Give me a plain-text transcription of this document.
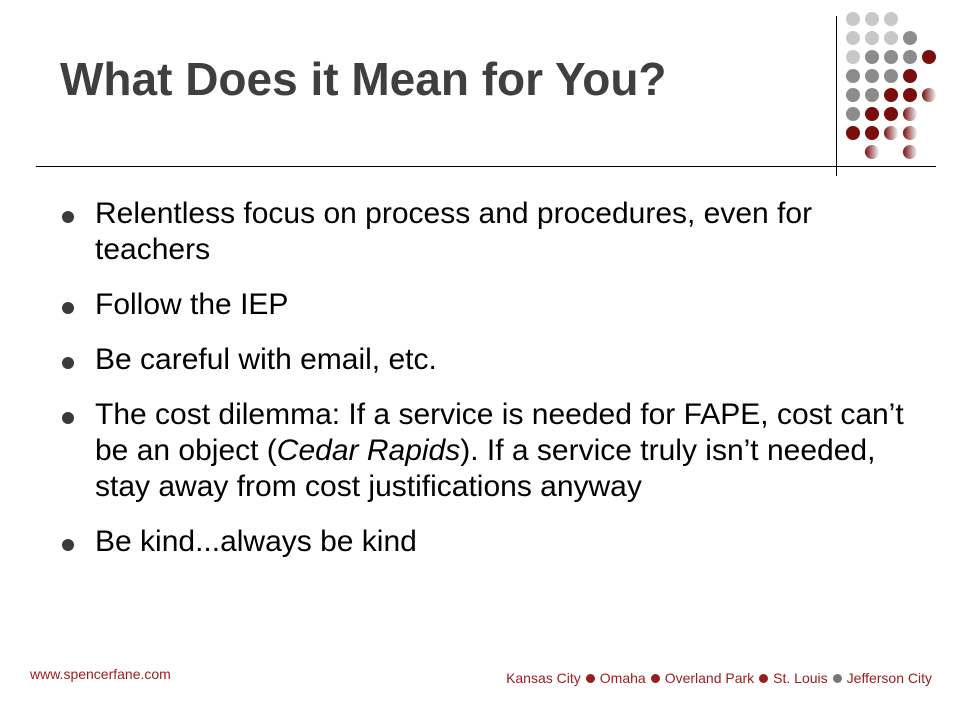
What Does it Mean for You?
Relentless focus on process and procedures, even for teachers
Follow the IEP
Be careful with email, etc.
The cost dilemma: If a service is needed for FAPE, cost can’t be an object (Cedar Rapids). If a service truly isn’t needed, stay away from cost justifications anyway
Be kind...always be kind
www.spencerfane.com	Kansas City Omaha Overland Park St. Louis Jefferson City
